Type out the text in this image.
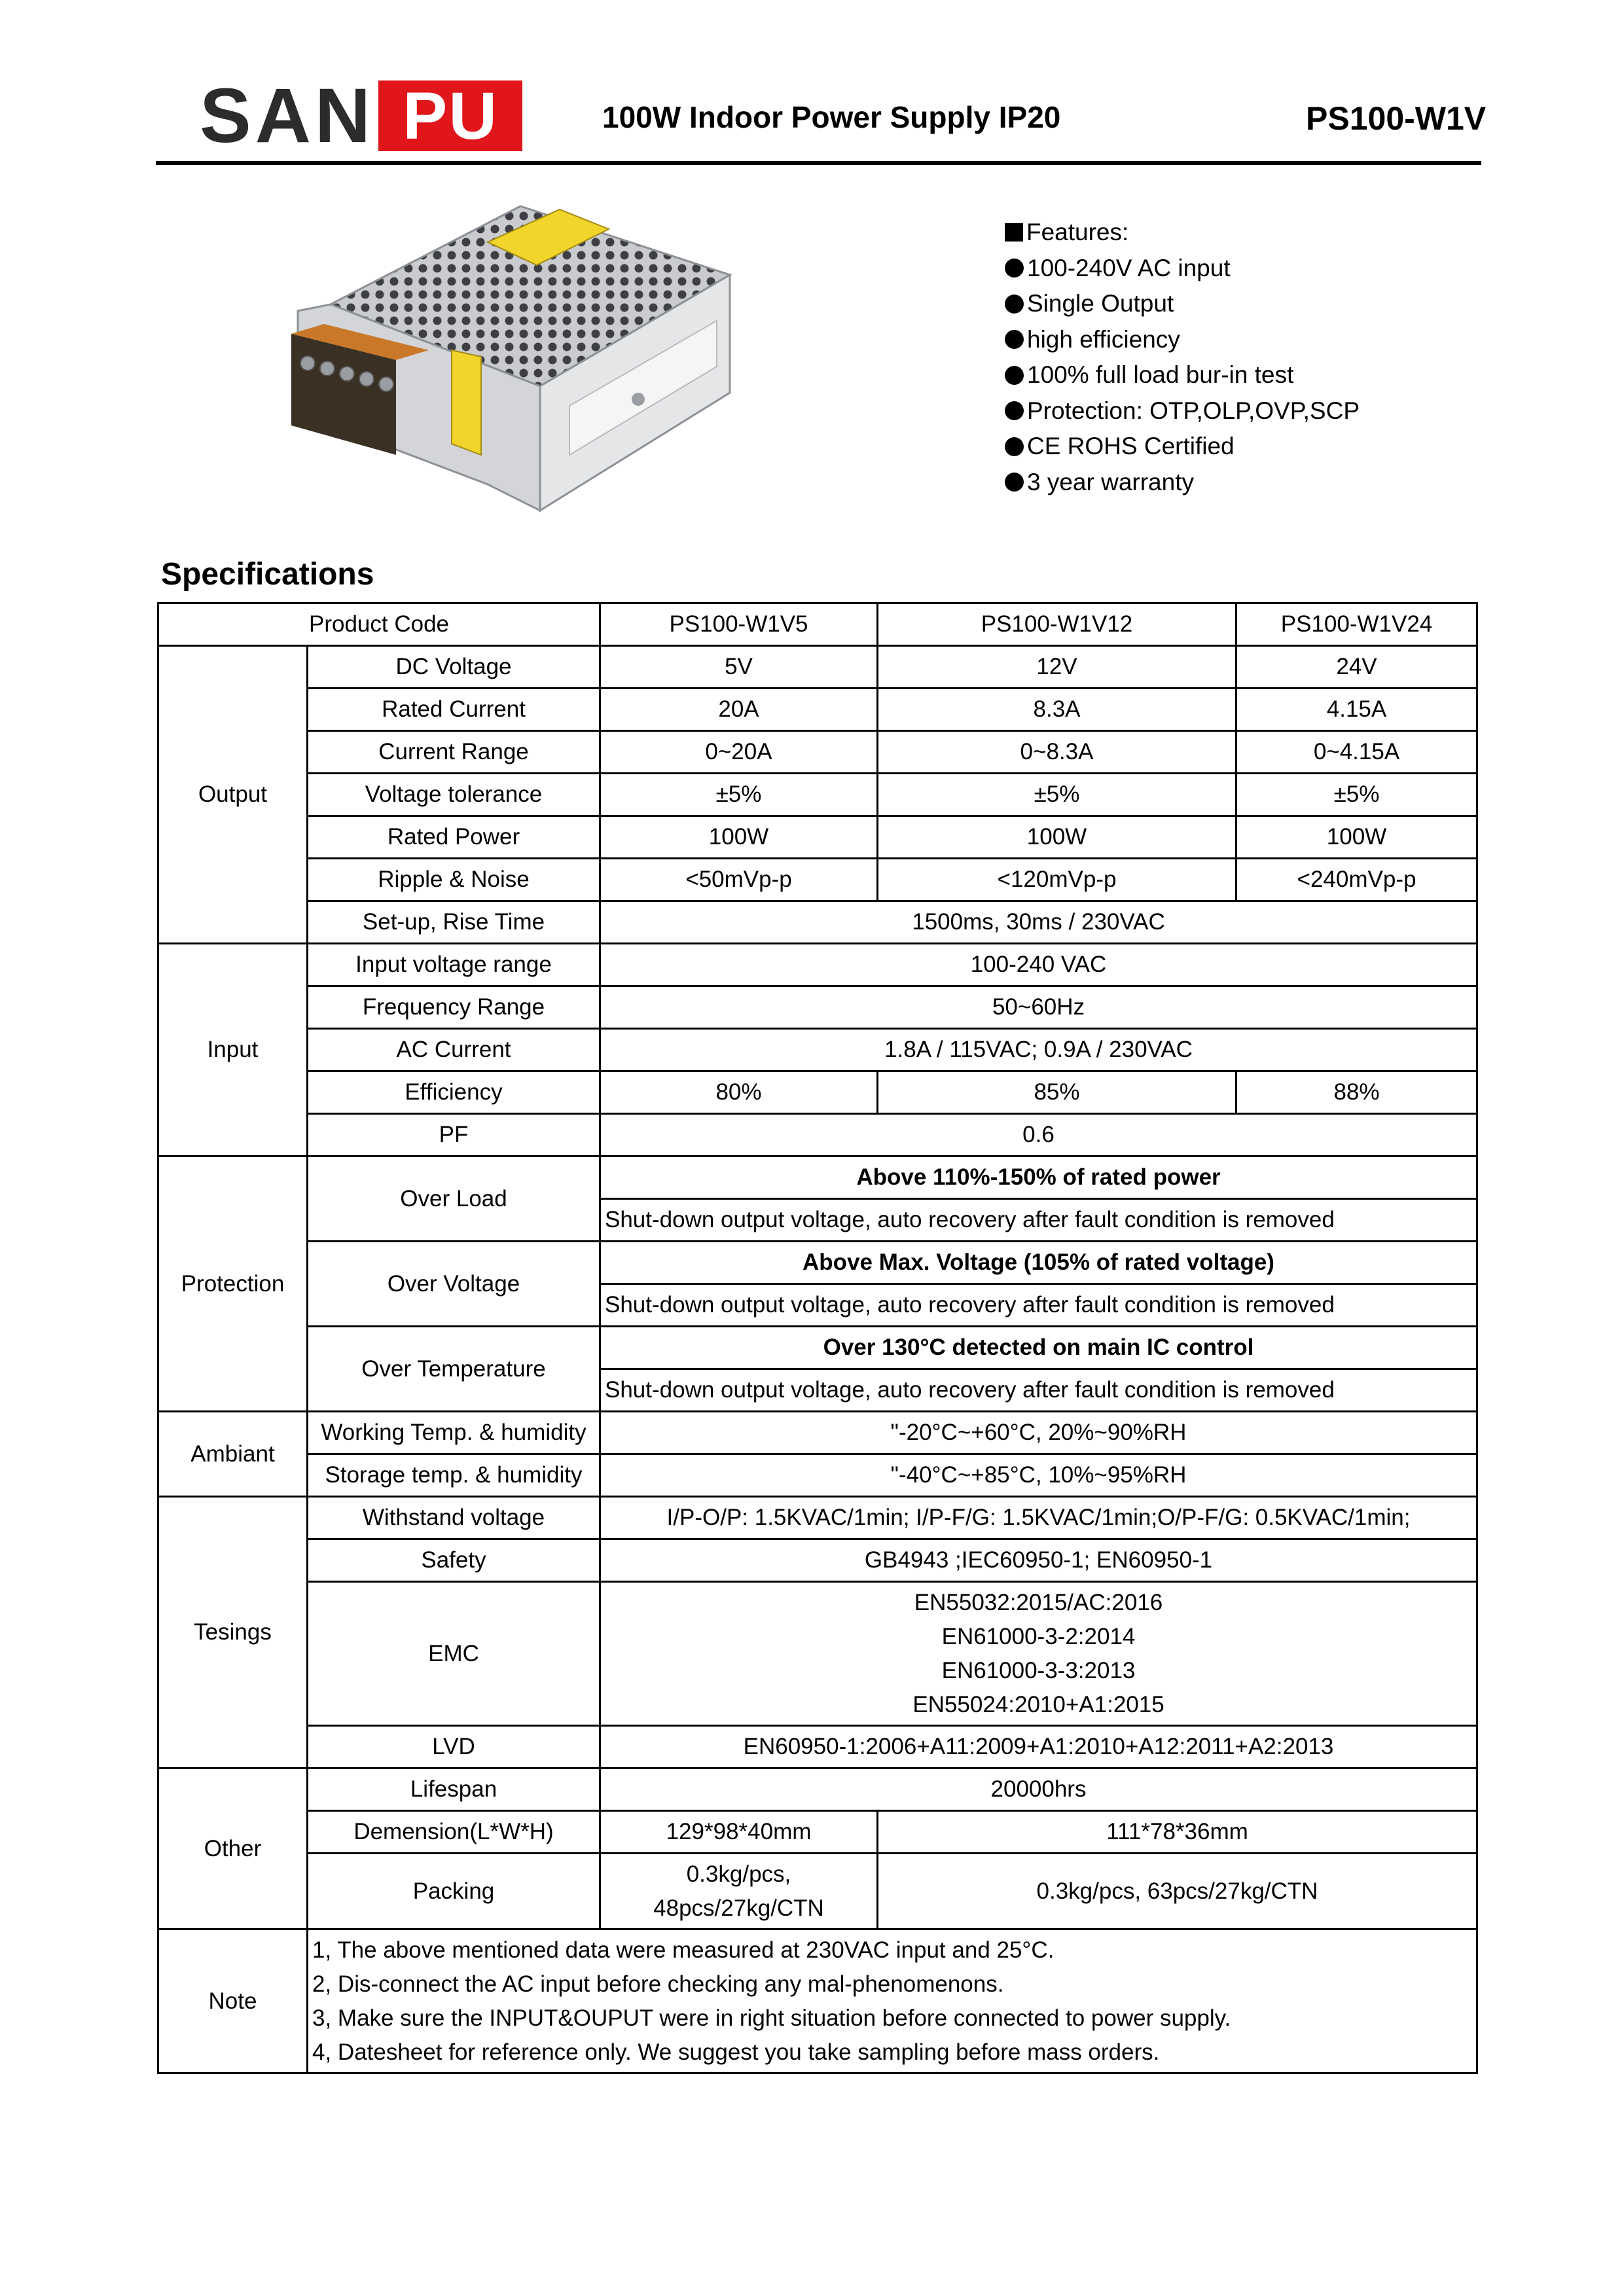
SAN PU	100W Indoor Power Supply IP20	PS100-W1V
Features:
100-240V AC input
Single Output
high efficiency
100% full load bur-in test
Protection: OTP,OLP,OVP,SCP
CE ROHS Certified
3 year warranty
Specifications
Product Code		PS100-W1V5	PS100-W1V12	PS100-W1V24
Output	DC Voltage	5V	12V	24V
	Rated Current	20A	8.3A	4.15A
	Current Range	0~20A	0~8.3A	0~4.15A
	Voltage tolerance	±5%	±5%	±5%
	Rated Power	100W	100W	100W
	Ripple & Noise	<50mVp-p	<120mVp-p	<240mVp-p
	Set-up, Rise Time	1500ms, 30ms / 230VAC		
Input	Input voltage range	100-240 VAC		
	Frequency Range	50~60Hz		
	AC Current	1.8A / 115VAC; 0.9A / 230VAC		
	Efficiency	80%	85%	88%
	PF	0.6		
Protection	Over Load	Above 110%-150% of rated power		
		Shut-down output voltage, auto recovery after fault condition is removed		
	Over Voltage	Above Max. Voltage (105% of rated voltage)		
		Shut-down output voltage, auto recovery after fault condition is removed		
	Over Temperature	Over 130°C detected on main IC control		
		Shut-down output voltage, auto recovery after fault condition is removed		
Ambiant	Working Temp. & humidity	"-20°C~+60°C, 20%~90%RH		
	Storage temp. & humidity	"-40°C~+85°C, 10%~95%RH		
Tesings	Withstand voltage	I/P-O/P: 1.5KVAC/1min; I/P-F/G: 1.5KVAC/1min;O/P-F/G: 0.5KVAC/1min;		
	Safety	GB4943 ;IEC60950-1; EN60950-1		
	EMC	EN55032:2015/AC:2016
EN61000-3-2:2014
EN61000-3-3:2013
EN55024:2010+A1:2015		

	LVD	EN60950-1:2006+A11:2009+A1:2010+A12:2011+A2:2013		
Other	Lifespan	20000hrs		
	Demension(L*W*H)	129*98*40mm	111*78*36mm	
	Packing	0.3kg/pcs,
48pcs/27kg/CTN	0.3kg/pcs, 63pcs/27kg/CTN	
Note	1, The above mentioned data were measured at 230VAC input and 25°C.
2, Dis-connect the AC input before checking any mal-phenomenons.
3, Make sure the INPUT&OUPUT were in right situation before connected to power supply.
4, Datesheet for reference only. We suggest you take sampling before mass orders.			
